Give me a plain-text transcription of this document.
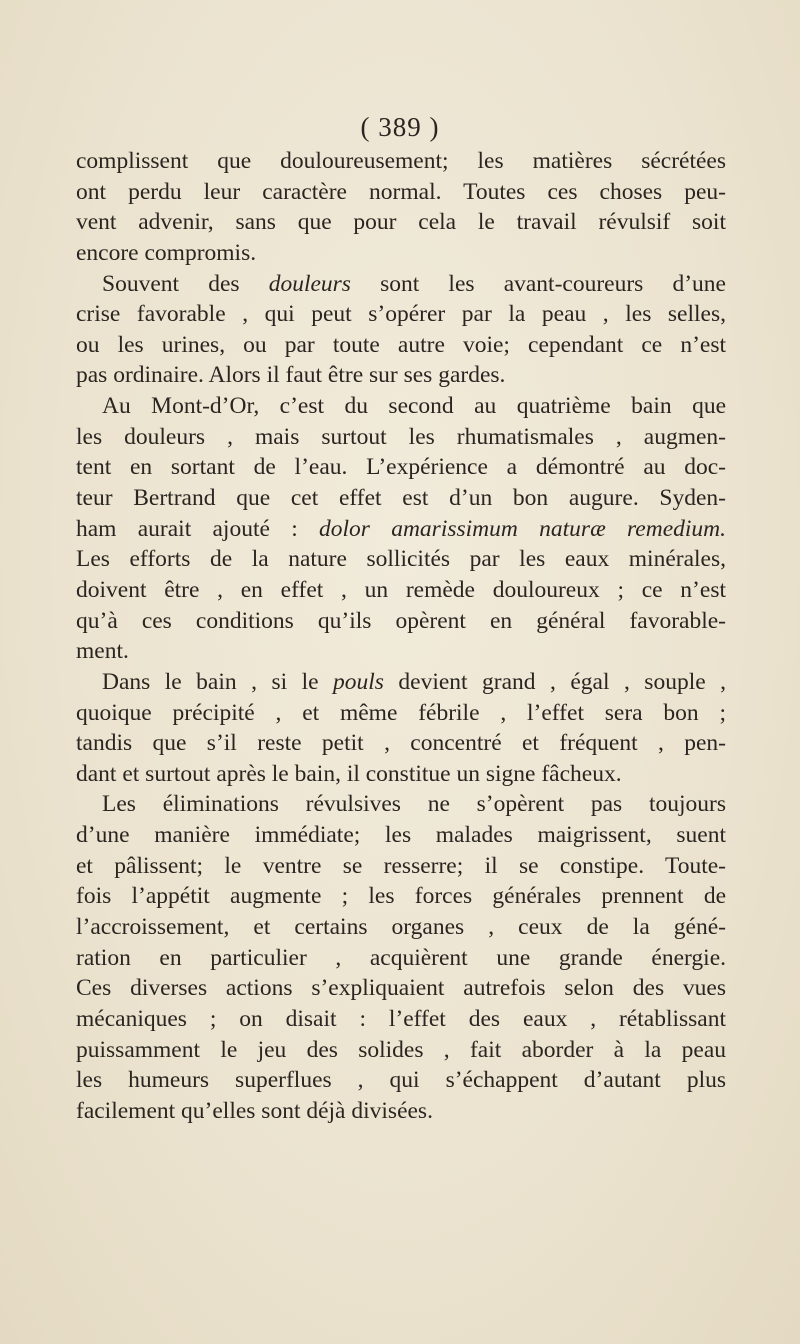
( 389 )
complissent que douloureusement; les matières sécrétées
ont perdu leur caractère normal. Toutes ces choses peu-
vent advenir, sans que pour cela le travail révulsif soit
encore compromis.
Souvent des douleurs sont les avant-coureurs d’une
crise favorable , qui peut s’opérer par la peau , les selles,
ou les urines, ou par toute autre voie; cependant ce n’est
pas ordinaire. Alors il faut être sur ses gardes.
Au Mont-d’Or, c’est du second au quatrième bain que
les douleurs , mais surtout les rhumatismales , augmen-
tent en sortant de l’eau. L’expérience a démontré au doc-
teur Bertrand que cet effet est d’un bon augure. Syden-
ham aurait ajouté : dolor amarissimum naturæ remedium.
Les efforts de la nature sollicités par les eaux minérales,
doivent être , en effet , un remède douloureux ; ce n’est
qu’à ces conditions qu’ils opèrent en général favorable-
ment.
Dans le bain , si le pouls devient grand , égal , souple ,
quoique précipité , et même fébrile , l’effet sera bon ;
tandis que s’il reste petit , concentré et fréquent , pen-
dant et surtout après le bain, il constitue un signe fâcheux.
Les éliminations révulsives ne s’opèrent pas toujours
d’une manière immédiate; les malades maigrissent, suent
et pâlissent; le ventre se resserre; il se constipe. Toute-
fois l’appétit augmente ; les forces générales prennent de
l’accroissement, et certains organes , ceux de la géné-
ration en particulier , acquièrent une grande énergie.
Ces diverses actions s’expliquaient autrefois selon des vues
mécaniques ; on disait : l’effet des eaux , rétablissant
puissamment le jeu des solides , fait aborder à la peau
les humeurs superflues , qui s’échappent d’autant plus
facilement qu’elles sont déjà divisées.
